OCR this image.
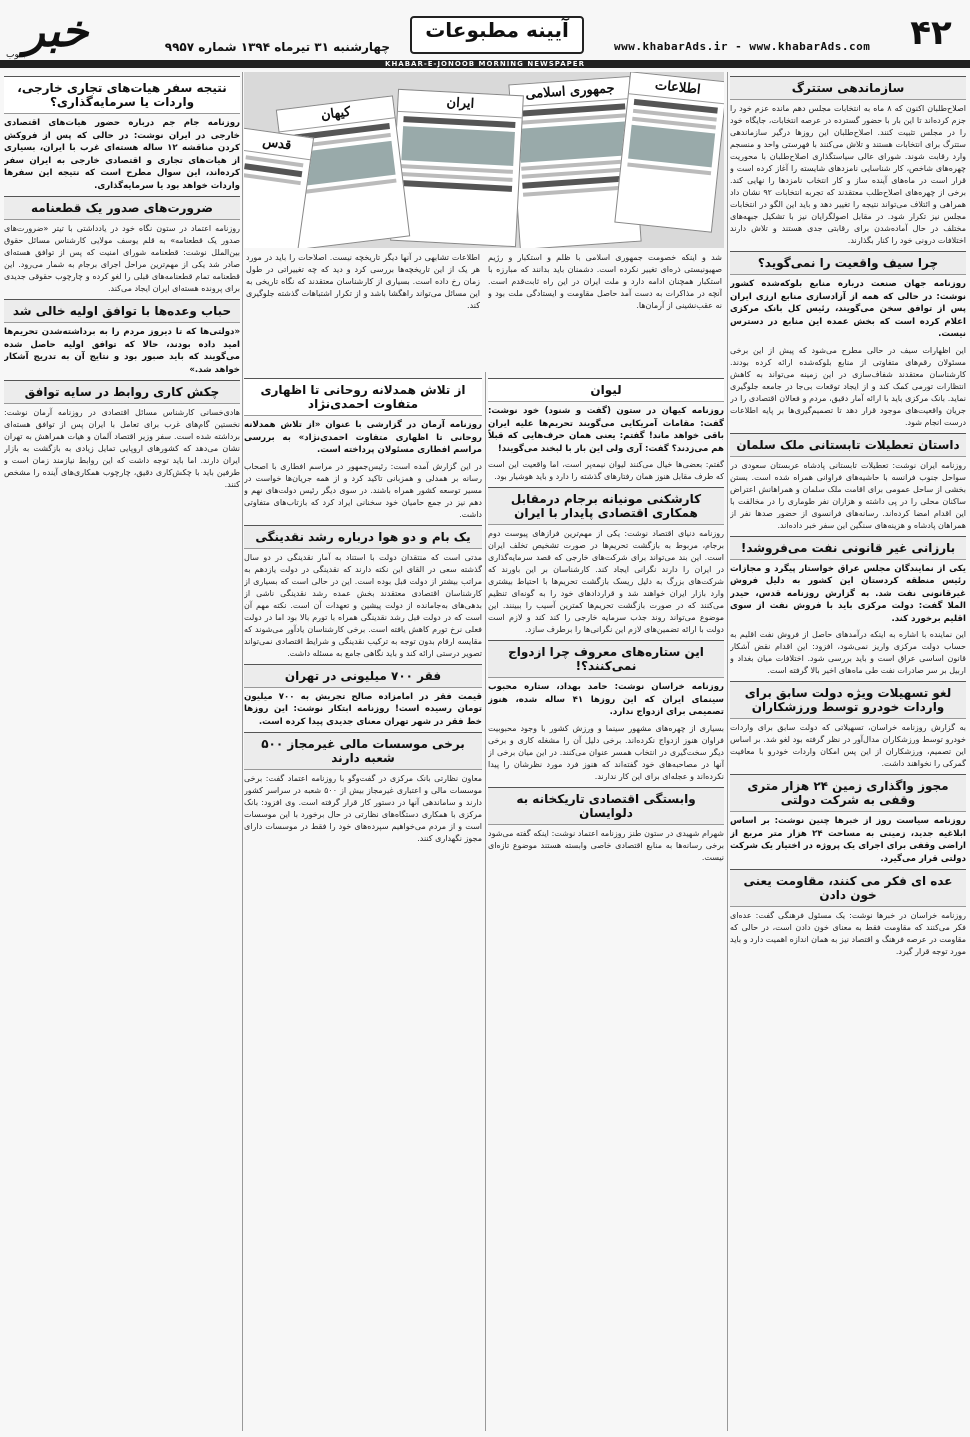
۴۲
www.khabarAds.ir - www.khabarAds.com
آیینه مطبوعات
چهارشنبه ۳۱ تیرماه ۱۳۹۴ شماره ۹۹۵۷
خبر
جنوب
KHABAR-E-JONOOB MORNING NEWSPAPER
جمهوری اسلامی	اطلاعات
ایران
کیهان
قدس
شد و اینکه خصومت جمهوری اسلامی با ظلم و استکبار و رژیم صهیونیستی ذره‌ای تغییر نکرده است. دشمنان باید بدانند که مبارزه با استکبار همچنان ادامه دارد و ملت ایران در این راه ثابت‌قدم است. آنچه در مذاکرات به دست آمد حاصل مقاومت و ایستادگی ملت بود و نه عقب‌نشینی از آرمان‌ها.
اطلاعات تشابهی در آنها دیگر تاریخچه نیست. اصلاحات را باید در مورد هر یک از این تاریخچه‌ها بررسی کرد و دید که چه تغییراتی در طول زمان رخ داده است. بسیاری از کارشناسان معتقدند که نگاه تاریخی به این مسائل می‌تواند راهگشا باشد و از تکرار اشتباهات گذشته جلوگیری کند.
سازماندهی ستترگ
اصلاح‌طلبان اکنون که ۸ ماه به انتخابات مجلس دهم مانده عزم خود را جزم کرده‌اند تا این بار با حضور گسترده در عرصه انتخابات، جایگاه خود را در مجلس تثبیت کنند. اصلاح‌طلبان این روزها درگیر سازماندهی ستترگ برای انتخابات هستند و تلاش می‌کنند با فهرستی واحد و منسجم وارد رقابت شوند. شورای عالی سیاستگذاری اصلاح‌طلبان با محوریت چهره‌های شاخص، کار شناسایی نامزدهای شایسته را آغاز کرده است و قرار است در ماه‌های آینده ساز و کار انتخاب نامزدها را نهایی کند. برخی از چهره‌های اصلاح‌طلب معتقدند که تجربه انتخابات ۹۲ نشان داد همراهی و ائتلاف می‌تواند نتیجه را تغییر دهد و باید این الگو در انتخابات مجلس نیز تکرار شود. در مقابل اصولگرایان نیز با تشکیل جبهه‌های مختلف در حال آماده‌شدن برای رقابتی جدی هستند و تلاش دارند اختلافات درونی خود را کنار بگذارند.
چرا سیف واقعیت را نمی‌گوید؟
روزنامه جهان صنعت درباره منابع بلوکه‌شده کشور نوشت: در حالی که همه از آزادسازی منابع ارزی ایران پس از توافق سخن می‌گویند، رئیس کل بانک مرکزی اعلام کرده است که بخش عمده این منابع در دسترس نیست.
این اظهارات سیف در حالی مطرح می‌شود که پیش از این برخی مسئولان رقم‌های متفاوتی از منابع بلوکه‌شده ارائه کرده بودند. کارشناسان معتقدند شفاف‌سازی در این زمینه می‌تواند به کاهش انتظارات تورمی کمک کند و از ایجاد توقعات بی‌جا در جامعه جلوگیری نماید. بانک مرکزی باید با ارائه آمار دقیق، مردم و فعالان اقتصادی را در جریان واقعیت‌های موجود قرار دهد تا تصمیم‌گیری‌ها بر پایه اطلاعات درست انجام شود.
داستان تعطیلات تابستانی ملک سلمان
روزنامه ایران نوشت: تعطیلات تابستانی پادشاه عربستان سعودی در سواحل جنوب فرانسه با حاشیه‌های فراوانی همراه شده است. بستن بخشی از ساحل عمومی برای اقامت ملک سلمان و همراهانش اعتراض ساکنان محلی را در پی داشته و هزاران نفر طوماری را در مخالفت با این اقدام امضا کرده‌اند. رسانه‌های فرانسوی از حضور صدها نفر از همراهان پادشاه و هزینه‌های سنگین این سفر خبر داده‌اند.
بارزانی غیر قانونی نفت می‌فروشد!
یکی از نمایندگان مجلس عراق خواستار پیگرد و مجازات رئیس منطقه کردستان این کشور به دلیل فروش غیرقانونی نفت شد. به گزارش روزنامه قدس، حیدر الملا گفت: دولت مرکزی باید با فروش نفت از سوی اقلیم برخورد کند.
این نماینده با اشاره به اینکه درآمدهای حاصل از فروش نفت اقلیم به حساب دولت مرکزی واریز نمی‌شود، افزود: این اقدام نقض آشکار قانون اساسی عراق است و باید بررسی شود. اختلافات میان بغداد و اربیل بر سر صادرات نفت طی ماه‌های اخیر بالا گرفته است.
لغو تسهیلات ویژه دولت سابق برای واردات خودرو توسط ورزشکاران
به گزارش روزنامه خراسان، تسهیلاتی که دولت سابق برای واردات خودرو توسط ورزشکاران مدال‌آور در نظر گرفته بود لغو شد. بر اساس این تصمیم، ورزشکاران از این پس امکان واردات خودرو با معافیت گمرکی را نخواهند داشت.
مجوز واگذاری زمین ۲۴ هزار متری وقفی به شرکت دولتی
روزنامه سیاست روز از خبرها چنین نوشت: بر اساس ابلاغیه جدید، زمینی به مساحت ۲۴ هزار متر مربع از اراضی وقفی برای اجرای یک پروژه در اختیار یک شرکت دولتی قرار می‌گیرد.
عده ای فکر می کنند، مقاومت یعنی خون دادن
روزنامه خراسان در خبرها نوشت: یک مسئول فرهنگی گفت: عده‌ای فکر می‌کنند که مقاومت فقط به معنای خون دادن است، در حالی که مقاومت در عرصه فرهنگ و اقتصاد نیز به همان اندازه اهمیت دارد و باید مورد توجه قرار گیرد.
لیوان
روزنامه کیهان در ستون (گفت و شنود) خود نوشت: گفت: مقامات آمریکایی می‌گویند تحریم‌ها علیه ایران باقی خواهد ماند! گفتم: یعنی همان حرف‌هایی که قبلاً هم می‌زدند؟ گفت: آری ولی این بار با لبخند می‌گویند!
گفتم: بعضی‌ها خیال می‌کنند لیوان نیمه‌پر است، اما واقعیت این است که طرف مقابل هنوز همان رفتارهای گذشته را دارد و باید هوشیار بود.
کارشکنی مونیانه برجام درمقابل همکاری اقتصادی پایدار با ایران
روزنامه دنیای اقتصاد نوشت: یکی از مهم‌ترین فرازهای پیوست دوم برجام، مربوط به بازگشت تحریم‌ها در صورت تشخیص تخلف ایران است. این بند می‌تواند برای شرکت‌های خارجی که قصد سرمایه‌گذاری در ایران را دارند نگرانی ایجاد کند. کارشناسان بر این باورند که شرکت‌های بزرگ به دلیل ریسک بازگشت تحریم‌ها با احتیاط بیشتری وارد بازار ایران خواهند شد و قراردادهای خود را به گونه‌ای تنظیم می‌کنند که در صورت بازگشت تحریم‌ها کمترین آسیب را ببینند. این موضوع می‌تواند روند جذب سرمایه خارجی را کند کند و لازم است دولت با ارائه تضمین‌های لازم این نگرانی‌ها را برطرف سازد.
این ستاره‌های معروف چرا ازدواج نمی‌کنند؟!
روزنامه خراسان نوشت: حامد بهداد، ستاره محبوب سینمای ایران که این روزها ۴۱ ساله شده، هنوز تصمیمی برای ازدواج ندارد.
بسیاری از چهره‌های مشهور سینما و ورزش کشور با وجود محبوبیت فراوان هنوز ازدواج نکرده‌اند. برخی دلیل آن را مشغله کاری و برخی دیگر سخت‌گیری در انتخاب همسر عنوان می‌کنند. در این میان برخی از آنها در مصاحبه‌های خود گفته‌اند که هنوز فرد مورد نظرشان را پیدا نکرده‌اند و عجله‌ای برای این کار ندارند.
وابستگی اقتصادی تاریکخانه به دلوایسان
شهرام شهیدی در ستون طنز روزنامه اعتماد نوشت: اینکه گفته می‌شود برخی رسانه‌ها به منابع اقتصادی خاصی وابسته هستند موضوع تازه‌ای نیست.
از تلاش همدلانه روحانی تا اظهاری متفاوت احمدی‌نژاد
روزنامه آرمان در گزارشی با عنوان «از تلاش همدلانه روحانی تا اظهاری متفاوت احمدی‌نژاد» به بررسی مراسم افطاری مسئولان پرداخته است.
در این گزارش آمده است: رئیس‌جمهور در مراسم افطاری با اصحاب رسانه بر همدلی و همزبانی تاکید کرد و از همه جریان‌ها خواست در مسیر توسعه کشور همراه باشند. در سوی دیگر رئیس دولت‌های نهم و دهم نیز در جمع حامیان خود سخنانی ایراد کرد که بازتاب‌های متفاوتی داشت.
یک بام و دو هوا درباره رشد نقدینگی
مدتی است که منتقدان دولت با استناد به آمار نقدینگی در دو سال گذشته سعی در القای این نکته دارند که نقدینگی در دولت یازدهم به مراتب بیشتر از دولت قبل بوده است. این در حالی است که بسیاری از کارشناسان اقتصادی معتقدند بخش عمده رشد نقدینگی ناشی از بدهی‌های به‌جامانده از دولت پیشین و تعهدات آن است. نکته مهم آن است که در دولت قبل رشد نقدینگی همراه با تورم بالا بود اما در دولت فعلی نرخ تورم کاهش یافته است. برخی کارشناسان یادآور می‌شوند که مقایسه ارقام بدون توجه به ترکیب نقدینگی و شرایط اقتصادی نمی‌تواند تصویر درستی ارائه کند و باید نگاهی جامع به مسئله داشت.
فقر ۷۰۰ میلیونی در تهران
قیمت فقر در امامزاده صالح تجریش به ۷۰۰ میلیون تومان رسیده است! روزنامه ابتکار نوشت: این روزها خط فقر در شهر تهران معنای جدیدی پیدا کرده است.
برخی موسسات مالی غیرمجاز ۵۰۰ شعبه دارند
معاون نظارتی بانک مرکزی در گفت‌وگو با روزنامه اعتماد گفت: برخی موسسات مالی و اعتباری غیرمجاز بیش از ۵۰۰ شعبه در سراسر کشور دارند و ساماندهی آنها در دستور کار قرار گرفته است. وی افزود: بانک مرکزی با همکاری دستگاه‌های نظارتی در حال برخورد با این موسسات است و از مردم می‌خواهیم سپرده‌های خود را فقط در موسسات دارای مجوز نگهداری کنند.
نتیجه سفر هیات‌های تجاری خارجی، واردات یا سرمایه‌گذاری؟
روزنامه جام جم درباره حضور هیات‌های اقتصادی خارجی در ایران نوشت: در حالی که پس از فروکش کردن مناقشه ۱۲ ساله هسته‌ای غرب با ایران، بسیاری از هیات‌های تجاری و اقتصادی خارجی به ایران سفر کرده‌اند، این سوال مطرح است که نتیجه این سفرها واردات خواهد بود یا سرمایه‌گذاری.
ضرورت‌های صدور یک قطعنامه
روزنامه اعتماد در ستون نگاه خود در یادداشتی با تیتر «ضرورت‌های صدور یک قطعنامه» به قلم یوسف مولایی کارشناس مسائل حقوق بین‌الملل نوشت: قطعنامه شورای امنیت که پس از توافق هسته‌ای صادر شد یکی از مهم‌ترین مراحل اجرای برجام به شمار می‌رود. این قطعنامه تمام قطعنامه‌های قبلی را لغو کرده و چارچوب حقوقی جدیدی برای پرونده هسته‌ای ایران ایجاد می‌کند.
حباب وعده‌ها با توافق اولیه خالی شد
«دولتی‌ها که تا دیروز مردم را به برداشته‌شدن تحریم‌ها امید داده بودند، حالا که توافق اولیه حاصل شده می‌گویند که باید صبور بود و نتایج آن به تدریج آشکار خواهد شد.»
چکش کاری روابط در سایه توافق
هادی‌خسانی کارشناس مسائل اقتصادی در روزنامه آرمان نوشت: نخستین گام‌های غرب برای تعامل با ایران پس از توافق هسته‌ای برداشته شده است. سفر وزیر اقتصاد آلمان و هیات همراهش به تهران نشان می‌دهد که کشورهای اروپایی تمایل زیادی به بازگشت به بازار ایران دارند. اما باید توجه داشت که این روابط نیازمند زمان است و طرفین باید با چکش‌کاری دقیق، چارچوب همکاری‌های آینده را مشخص کنند.
